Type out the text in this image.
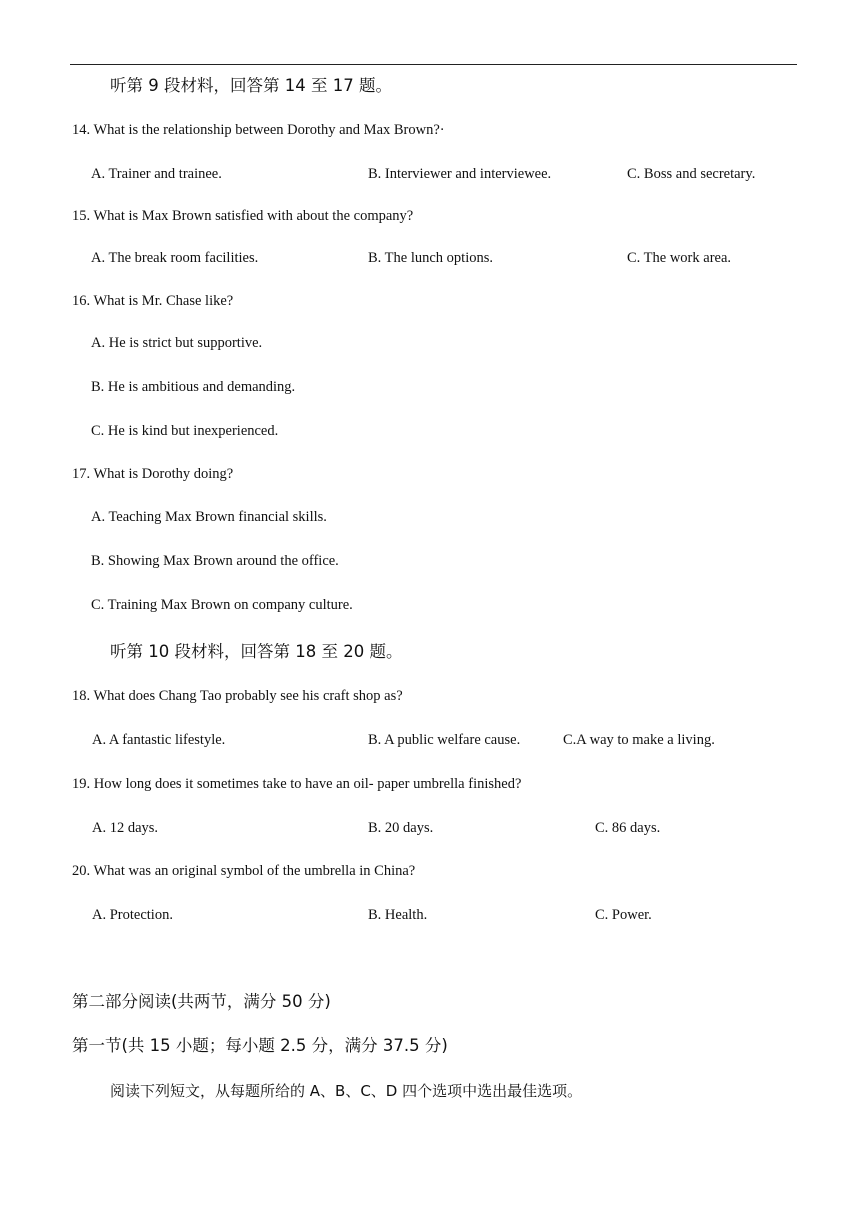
听第 9 段材料，回答第 14 至 17 题。
14. What is the relationship between Dorothy and Max Brown?·
A. Trainer and trainee.	B. Interviewer and interviewee.	C. Boss and secretary.
15. What is Max Brown satisfied with about the company?
A. The break room facilities.	B. The lunch options.	C. The work area.
16. What is Mr. Chase like?
A. He is strict but supportive.
B. He is ambitious and demanding.
C. He is kind but inexperienced.
17. What is Dorothy doing?
A. Teaching Max Brown financial skills.
B. Showing Max Brown around the office.
C. Training Max Brown on company culture.
听第 10 段材料，回答第 18 至 20 题。
18. What does Chang Tao probably see his craft shop as?
A. A fantastic lifestyle.	B. A public welfare cause.	C.A way to make a living.
19. How long does it sometimes take to have an oil- paper umbrella finished?
A. 12 days.	B. 20 days.	C. 86 days.
20. What was an original symbol of the umbrella in China?
A. Protection.	B. Health.	C. Power.
第二部分阅读(共两节，满分 50 分)
第一节(共 15 小题；每小题 2.5 分，满分 37.5 分)
阅读下列短文，从每题所给的 A、B、C、D 四个选项中选出最佳选项。
